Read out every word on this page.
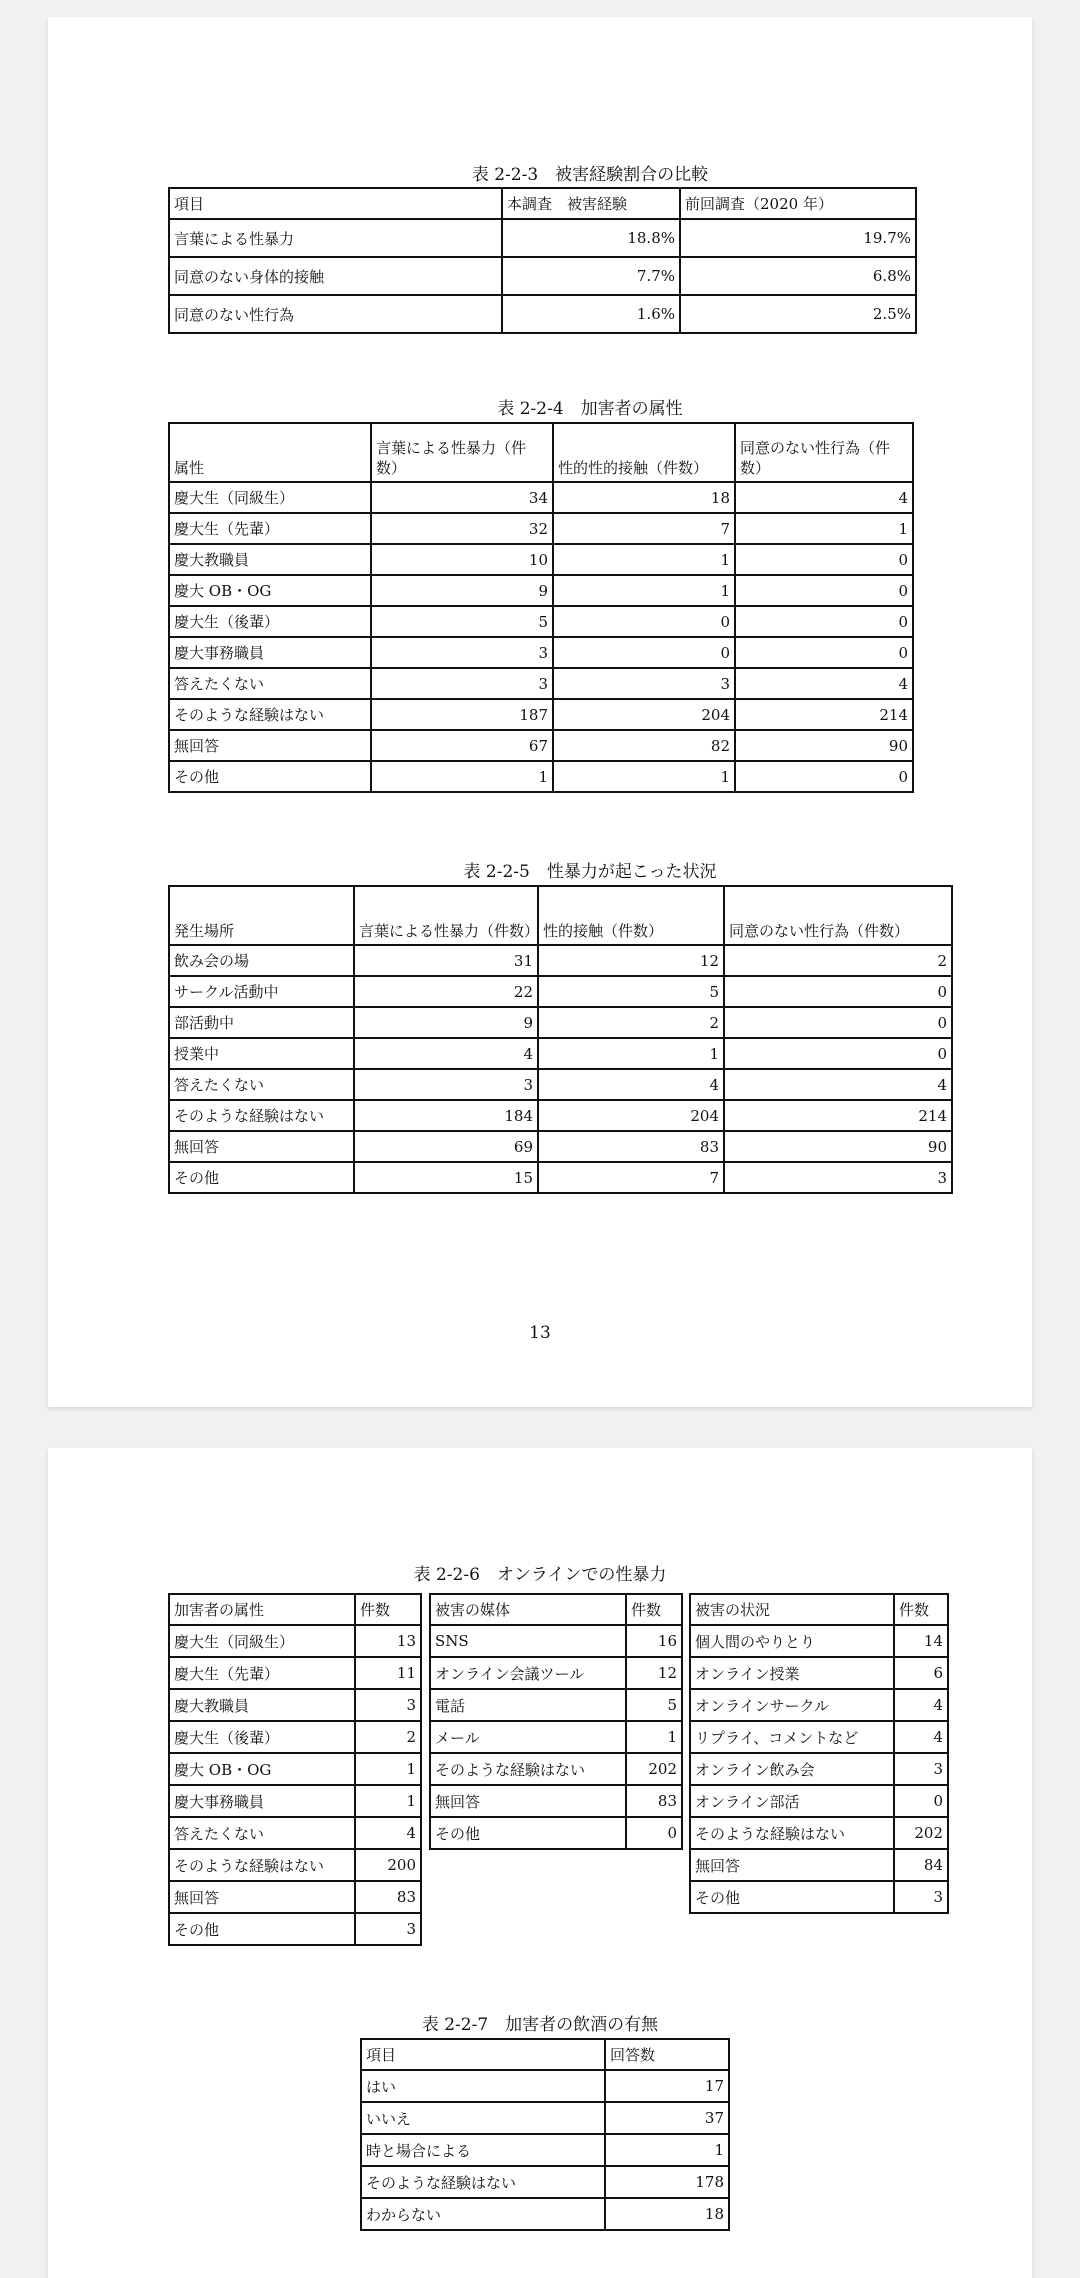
表 2-2-3　被害経験割合の比較
項目	本調査　被害経験	前回調査（2020 年）
言葉による性暴力	18.8%	19.7%
同意のない身体的接触	7.7%	6.8%
同意のない性行為	1.6%	2.5%
表 2-2-4　加害者の属性
属性	言葉による性暴力（件数）	性的性的接触（件数）	同意のない性行為（件数）
慶大生（同級生）	34	18	4
慶大生（先輩）	32	7	1
慶大教職員	10	1	0
慶大 OB・OG	9	1	0
慶大生（後輩）	5	0	0
慶大事務職員	3	0	0
答えたくない	3	3	4
そのような経験はない	187	204	214
無回答	67	82	90
その他	1	1	0
表 2-2-5　性暴力が起こった状況
発生場所	言葉による性暴力（件数）	性的接触（件数）	同意のない性行為（件数）
飲み会の場	31	12	2
サークル活動中	22	5	0
部活動中	9	2	0
授業中	4	1	0
答えたくない	3	4	4
そのような経験はない	184	204	214
無回答	69	83	90
その他	15	7	3
13
表 2-2-6　オンラインでの性暴力
加害者の属性	件数
慶大生（同級生）	13
慶大生（先輩）	11
慶大教職員	3
慶大生（後輩）	2
慶大 OB・OG	1
慶大事務職員	1
答えたくない	4
そのような経験はない	200
無回答	83
その他	3
被害の媒体	件数
SNS	16
オンライン会議ツール	12
電話	5
メール	1
そのような経験はない	202
無回答	83
その他	0
被害の状況	件数
個人間のやりとり	14
オンライン授業	6
オンラインサークル	4
リプライ、コメントなど	4
オンライン飲み会	3
オンライン部活	0
そのような経験はない	202
無回答	84
その他	3
表 2-2-7　加害者の飲酒の有無
項目	回答数
はい	17
いいえ	37
時と場合による	1
そのような経験はない	178
わからない	18
